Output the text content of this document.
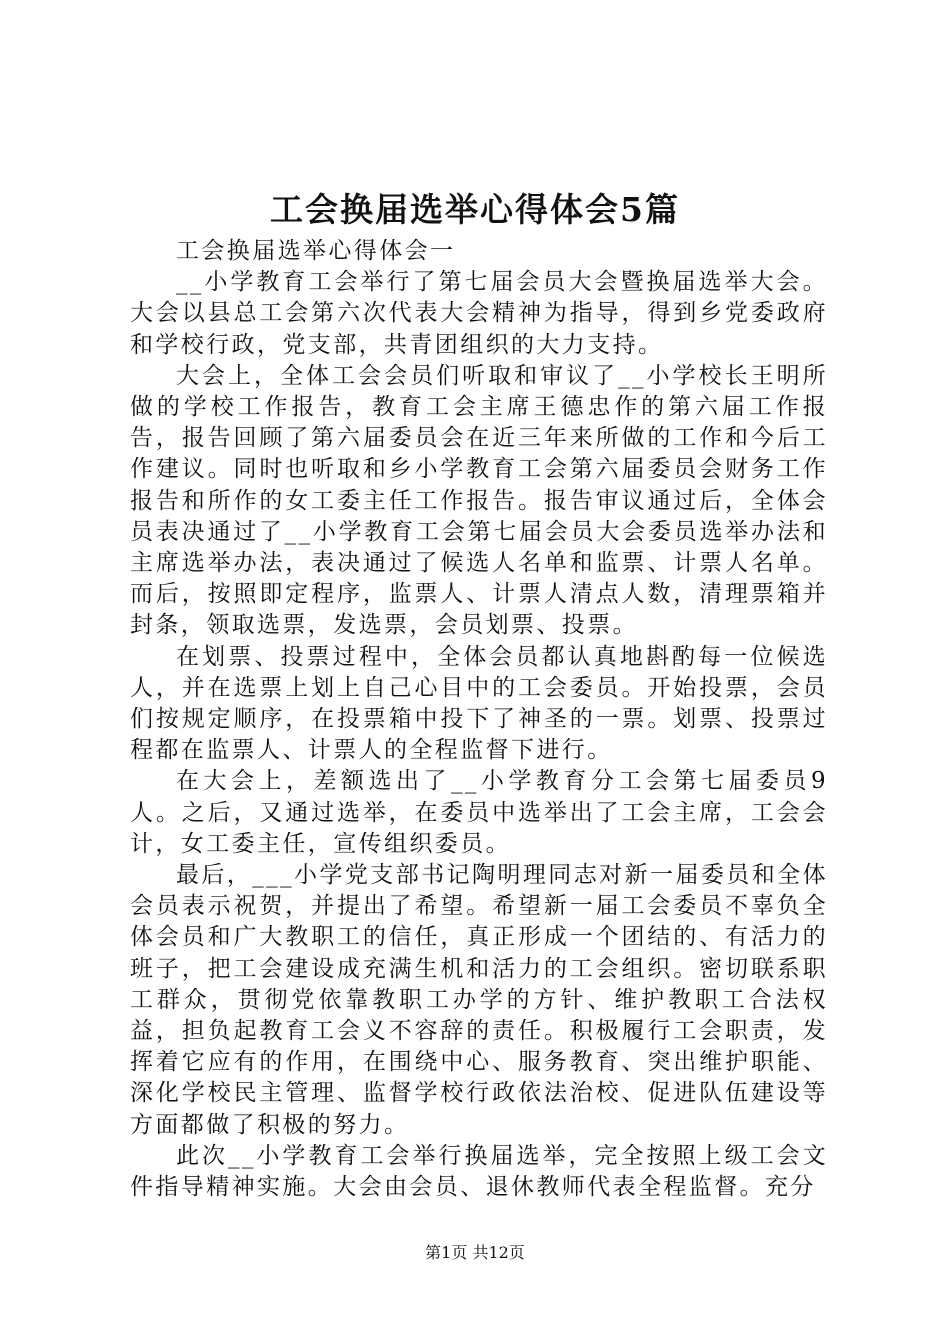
工会换届选举心得体会5篇

工会换届选举心得体会一

__小学教育工会举行了第七届会员大会暨换届选举大会。大会以县总工会第六次代表大会精神为指导，得到乡党委政府和学校行政，党支部，共青团组织的大力支持。

大会上，全体工会会员们听取和审议了__小学校长王明所做的学校工作报告，教育工会主席王德忠作的第六届工作报告，报告回顾了第六届委员会在近三年来所做的工作和今后工作建议。同时也听取和乡小学教育工会第六届委员会财务工作报告和所作的女工委主任工作报告。报告审议通过后，全体会员表决通过了__小学教育工会第七届会员大会委员选举办法和主席选举办法，表决通过了候选人名单和监票、计票人名单。而后，按照即定程序，监票人、计票人清点人数，清理票箱并封条，领取选票，发选票，会员划票、投票。

在划票、投票过程中，全体会员都认真地斟酌每一位候选人，并在选票上划上自己心目中的工会委员。开始投票，会员们按规定顺序，在投票箱中投下了神圣的一票。划票、投票过程都在监票人、计票人的全程监督下进行。

在大会上，差额选出了__小学教育分工会第七届委员9人。之后，又通过选举，在委员中选举出了工会主席，工会会计，女工委主任，宣传组织委员。

最后，___小学党支部书记陶明理同志对新一届委员和全体会员表示祝贺，并提出了希望。希望新一届工会委员不辜负全体会员和广大教职工的信任，真正形成一个团结的、有活力的班子，把工会建设成充满生机和活力的工会组织。密切联系职工群众，贯彻党依靠教职工办学的方针、维护教职工合法权益，担负起教育工会义不容辞的责任。积极履行工会职责，发挥着它应有的作用，在围绕中心、服务教育、突出维护职能、深化学校民主管理、监督学校行政依法治校、促进队伍建设等方面都做了积极的努力。

此次__小学教育工会举行换届选举，完全按照上级工会文件指导精神实施。大会由会员、退休教师代表全程监督。充分

第1页 共12页
